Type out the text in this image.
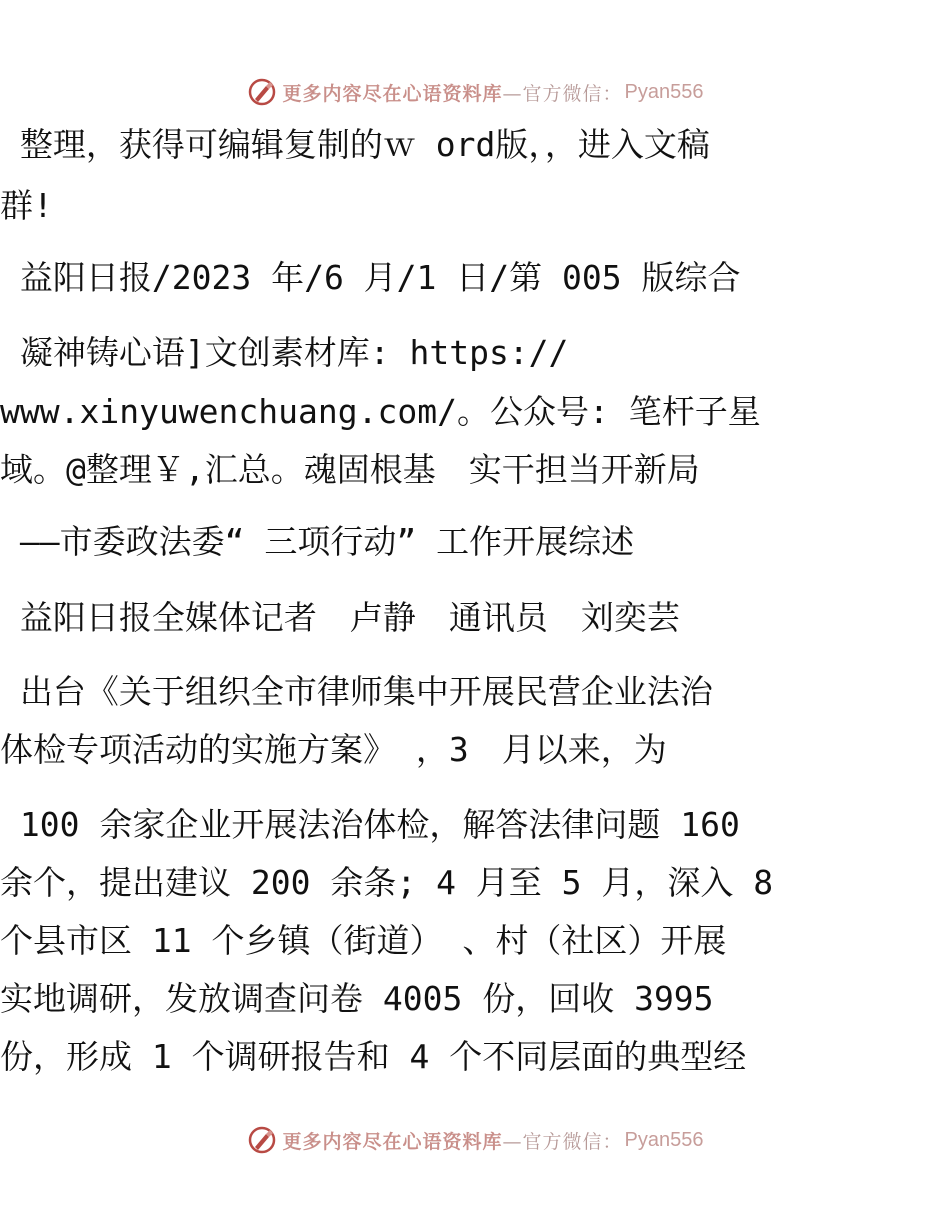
更多内容尽在心语资料库 —官方微信： Pyan556
整理，获得可编辑复制的ｗ ord版，，进入文稿
群!
益阳日报/2023 年/6 月/1 日/第 005 版综合
凝神铸心语]文创素材库: https://
www.xinyuwenchuang.com/。公众号: 笔杆子星
域。@整理￥,汇总。魂固根基　实干担当开新局
——市委政法委“ 三项行动” 工作开展综述
益阳日报全媒体记者　卢静　通讯员　刘奕芸
出台《关于组织全市律师集中开展民营企业法治
体检专项活动的实施方案》 ，3　月以来，为
100 余家企业开展法治体检，解答法律问题 160
余个，提出建议 200 余条; 4 月至 5 月，深入 8
个县市区 11 个乡镇（街道） 、村（社区）开展
实地调研，发放调查问卷 4005 份，回收 3995
份，形成 1 个调研报告和 4 个不同层面的典型经
更多内容尽在心语资料库 —官方微信： Pyan556
